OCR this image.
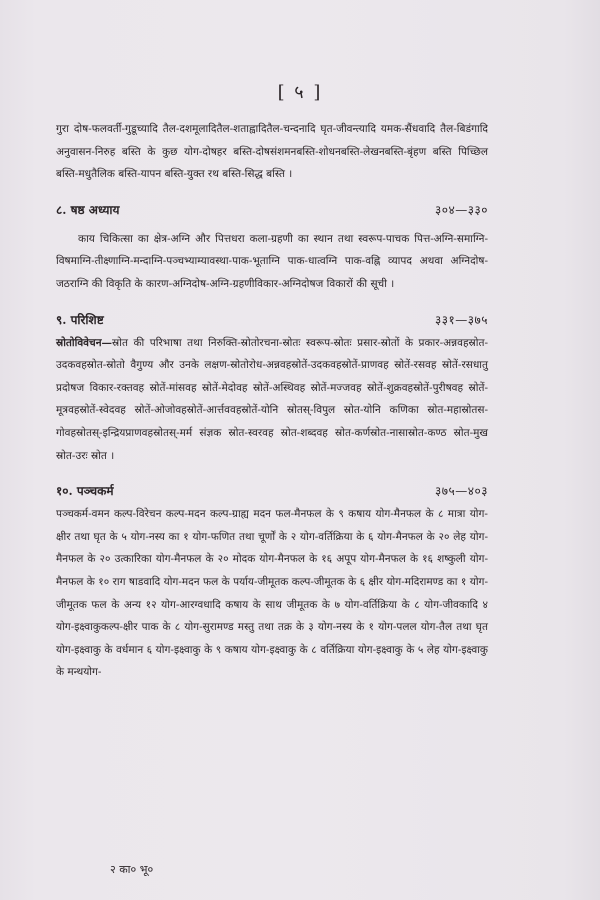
[ ५ ]

गुरा दोष-फलवर्ती-गुडूच्यादि तैल-दशमूलादितैल-शताह्वादितैल-चन्दनादि घृत-जीवन्त्यादि यमक-सैंधवादि तैल-बिडंगादि अनुवासन-निरुह बस्ति के कुछ योग-दोषहर बस्ति-दोषसंशमनबस्ति-शोधनबस्ति-लेखनबस्ति-बृंहण बस्ति पिच्छिल बस्ति-मधुतैलिक बस्ति-यापन बस्ति-युक्त रथ बस्ति-सिद्ध बस्ति ।

८. षष्ठ अध्याय	३०४—३३०

काय चिकित्सा का क्षेत्र-अग्नि और पित्तधरा कला-ग्रहणी का स्थान तथा स्वरूप-पाचक पित्त-अग्नि-समाग्नि-विषमाग्नि-तीक्ष्णाग्नि-मन्दाग्नि-पञ्चभ्याम्यावस्था-पाक-भूताग्नि पाक-धात्वग्नि पाक-वह्नि व्यापद अथवा अग्निदोष-जठराग्नि की विकृति के कारण-अग्निदोष-अग्नि-ग्रहणीविकार-अग्निदोषज विकारों की सूची ।

९. परिशिष्ट	३३१—३७५

स्रोतोविवेचन—स्रोत की परिभाषा तथा निरुक्ति-स्रोतोरचना-स्रोतः स्वरूप-स्रोतः प्रसार-स्रोतों के प्रकार-अन्नवहस्रोत-उदकवहस्रोत-स्रोतो वैगुण्य और उनके लक्षण-स्रोतोरोध-अन्नवहस्रोतें-उदकवहस्रोतें-प्राणवह स्रोतें-रसवह स्रोतें-रसधातु प्रदोषज विकार-रक्तवह स्रोतें-मांसवह स्रोतें-मेदोवह स्रोतें-अस्थिवह स्रोतें-मज्जवह स्रोतें-शुक्रवहस्रोतें-पुरीषवह स्रोतें-मूत्रवहस्रोतें-स्वेदवह स्रोतें-ओजोवहस्रोतें-आर्त्तववहस्रोतें-योनि स्रोतस्-विपुल स्रोत-योनि कणिका स्रोत-महास्रोतस-गोवहस्रोतस्-इन्द्रियप्राणवहस्रोतस्-मर्म संज्ञक स्रोत-स्वरवह स्रोत-शब्दवह स्रोत-कर्णस्रोत-नासास्रोत-कण्ठ स्रोत-मुख स्रोत-उरः स्रोत ।

१०. पञ्चकर्म	३७५—४०३

पञ्चकर्म-वमन कल्प-विरेचन कल्प-मदन कल्प-ग्राह्य मदन फल-मैनफल के ९ कषाय योग-मैनफल के ८ मात्रा योग-क्षीर तथा घृत के ५ योग-नस्य का १ योग-फणित तथा चूर्णों के २ योग-वर्तिक्रिया के ६ योग-मैनफल के २० लेह योग-मैनफल के २० उत्कारिका योग-मैनफल के २० मोदक योग-मैनफल के १६ अपूप योग-मैनफल के १६ शष्कुली योग-मैनफल के १० राग षाडवादि योग-मदन फल के पर्याय-जीमूतक कल्प-जीमूतक के ६ क्षीर योग-मदिरामण्ड का १ योग-जीमूतक फल के अन्य १२ योग-आरग्वधादि कषाय के साथ जीमूतक के ७ योग-वर्तिक्रिया के ८ योग-जीवकादि ४ योग-इक्ष्वाकुकल्प-क्षीर पाक के ८ योग-सुरामण्ड मस्तु तथा तक्र के ३ योग-नस्य के १ योग-पलल योग-तैल तथा घृत योग-इक्ष्वाकु के वर्धमान ६ योग-इक्ष्वाकु के ९ कषाय योग-इक्ष्वाकु के ८ वर्तिक्रिया योग-इक्ष्वाकु के ५ लेह योग-इक्ष्वाकु के मन्थयोग-

२ का० भू०
